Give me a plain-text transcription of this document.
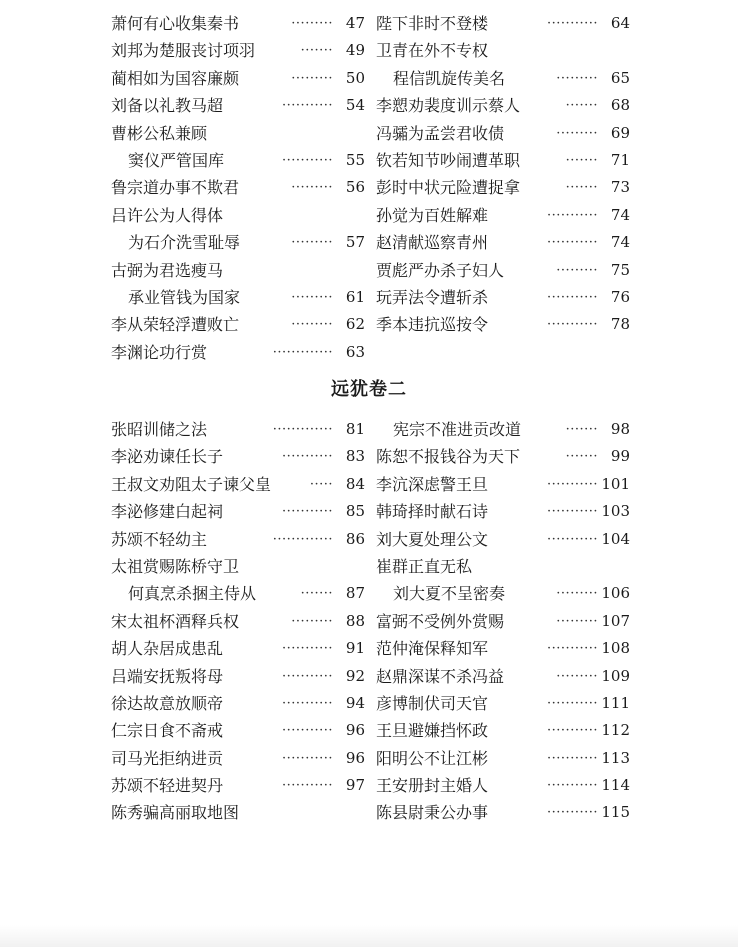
萧何有心收集秦书	········· 47
刘邦为楚服丧讨项羽	······· 49
蔺相如为国容廉颇	········· 50
刘备以礼教马超	··········· 54
曹彬公私兼顾
窦仪严管国库	··········· 55
鲁宗道办事不欺君	········· 56
吕许公为人得体
为石介洗雪耻辱	········· 57
古弼为君选瘦马
承业管钱为国家	········· 61
李从荣轻浮遭败亡	········· 62
李渊论功行赏	············· 63
陛下非时不登楼	··········· 64
卫青在外不专权
程信凯旋传美名	········· 65
李愬劝裴度训示蔡人	······· 68
冯骦为孟尝君收债	········· 69
钦若知节吵闹遭革职	······· 71
彭时中状元险遭捉拿	······· 73
孙觉为百姓解难	··········· 74
赵清献巡察青州	··········· 74
贾彪严办杀子妇人	········· 75
玩弄法令遭斩杀	··········· 76
季本违抗巡按令	··········· 78
远犹卷二
张昭训储之法	············· 81
李泌劝谏任长子	··········· 83
王叔文劝阻太子谏父皇	····· 84
李泌修建白起祠	··········· 85
苏颂不轻幼主	············· 86
太祖赏赐陈桥守卫
何真烹杀捆主侍从	······· 87
宋太祖杯酒释兵权	········· 88
胡人杂居成患乱	··········· 91
吕端安抚叛将母	··········· 92
徐达故意放顺帝	··········· 94
仁宗日食不斋戒	··········· 96
司马光拒纳进贡	··········· 96
苏颂不轻进契丹	··········· 97
陈秀骗高丽取地图
宪宗不准进贡改道	······· 98
陈恕不报钱谷为天下	······· 99
李沆深虑警王旦	··········· 101
韩琦择时献石诗	··········· 103
刘大夏处理公文	··········· 104
崔群正直无私
刘大夏不呈密奏	········· 106
富弼不受例外赏赐	········· 107
范仲淹保释知军	··········· 108
赵鼎深谋不杀冯益	········· 109
彦博制伏司天官	··········· 111
王旦避嫌挡怀政	··········· 112
阳明公不让江彬	··········· 113
王安册封主婚人	··········· 114
陈县尉秉公办事	··········· 115
